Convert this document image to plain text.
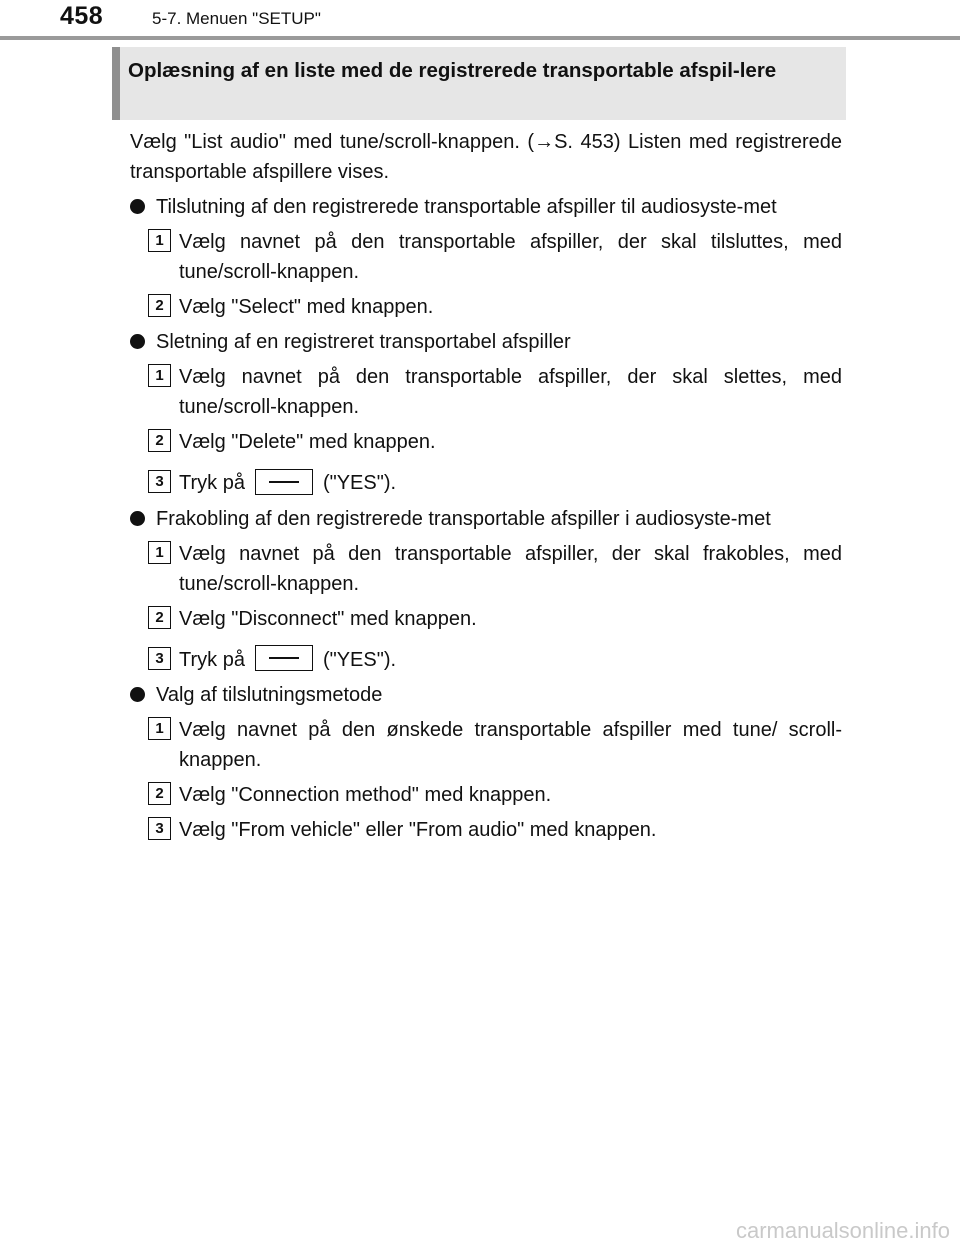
458	5-7. Menuen "SETUP"
Oplæsning af en liste med de registrerede transportable afspil-lere

Vælg "List audio" med tune/scroll-knappen. (→S. 453) Listen med registrerede transportable afspillere vises.

Tilslutning af den registrerede transportable afspiller til audiosyste-met
1 Vælg navnet på den transportable afspiller, der skal tilsluttes, med tune/scroll-knappen.
2 Vælg "Select" med knappen.
Sletning af en registreret transportabel afspiller
1 Vælg navnet på den transportable afspiller, der skal slettes, med tune/scroll-knappen.
2 Vælg "Delete" med knappen.
3 Tryk på	("YES").
Frakobling af den registrerede transportable afspiller i audiosyste-met
1 Vælg navnet på den transportable afspiller, der skal frakobles, med tune/scroll-knappen.
2 Vælg "Disconnect" med knappen.
3 Tryk på	("YES").
Valg af tilslutningsmetode
1 Vælg navnet på den ønskede transportable afspiller med tune/ scroll-knappen.
2 Vælg "Connection method" med knappen.
3 Vælg "From vehicle" eller "From audio" med knappen.
carmanualsonline.info
